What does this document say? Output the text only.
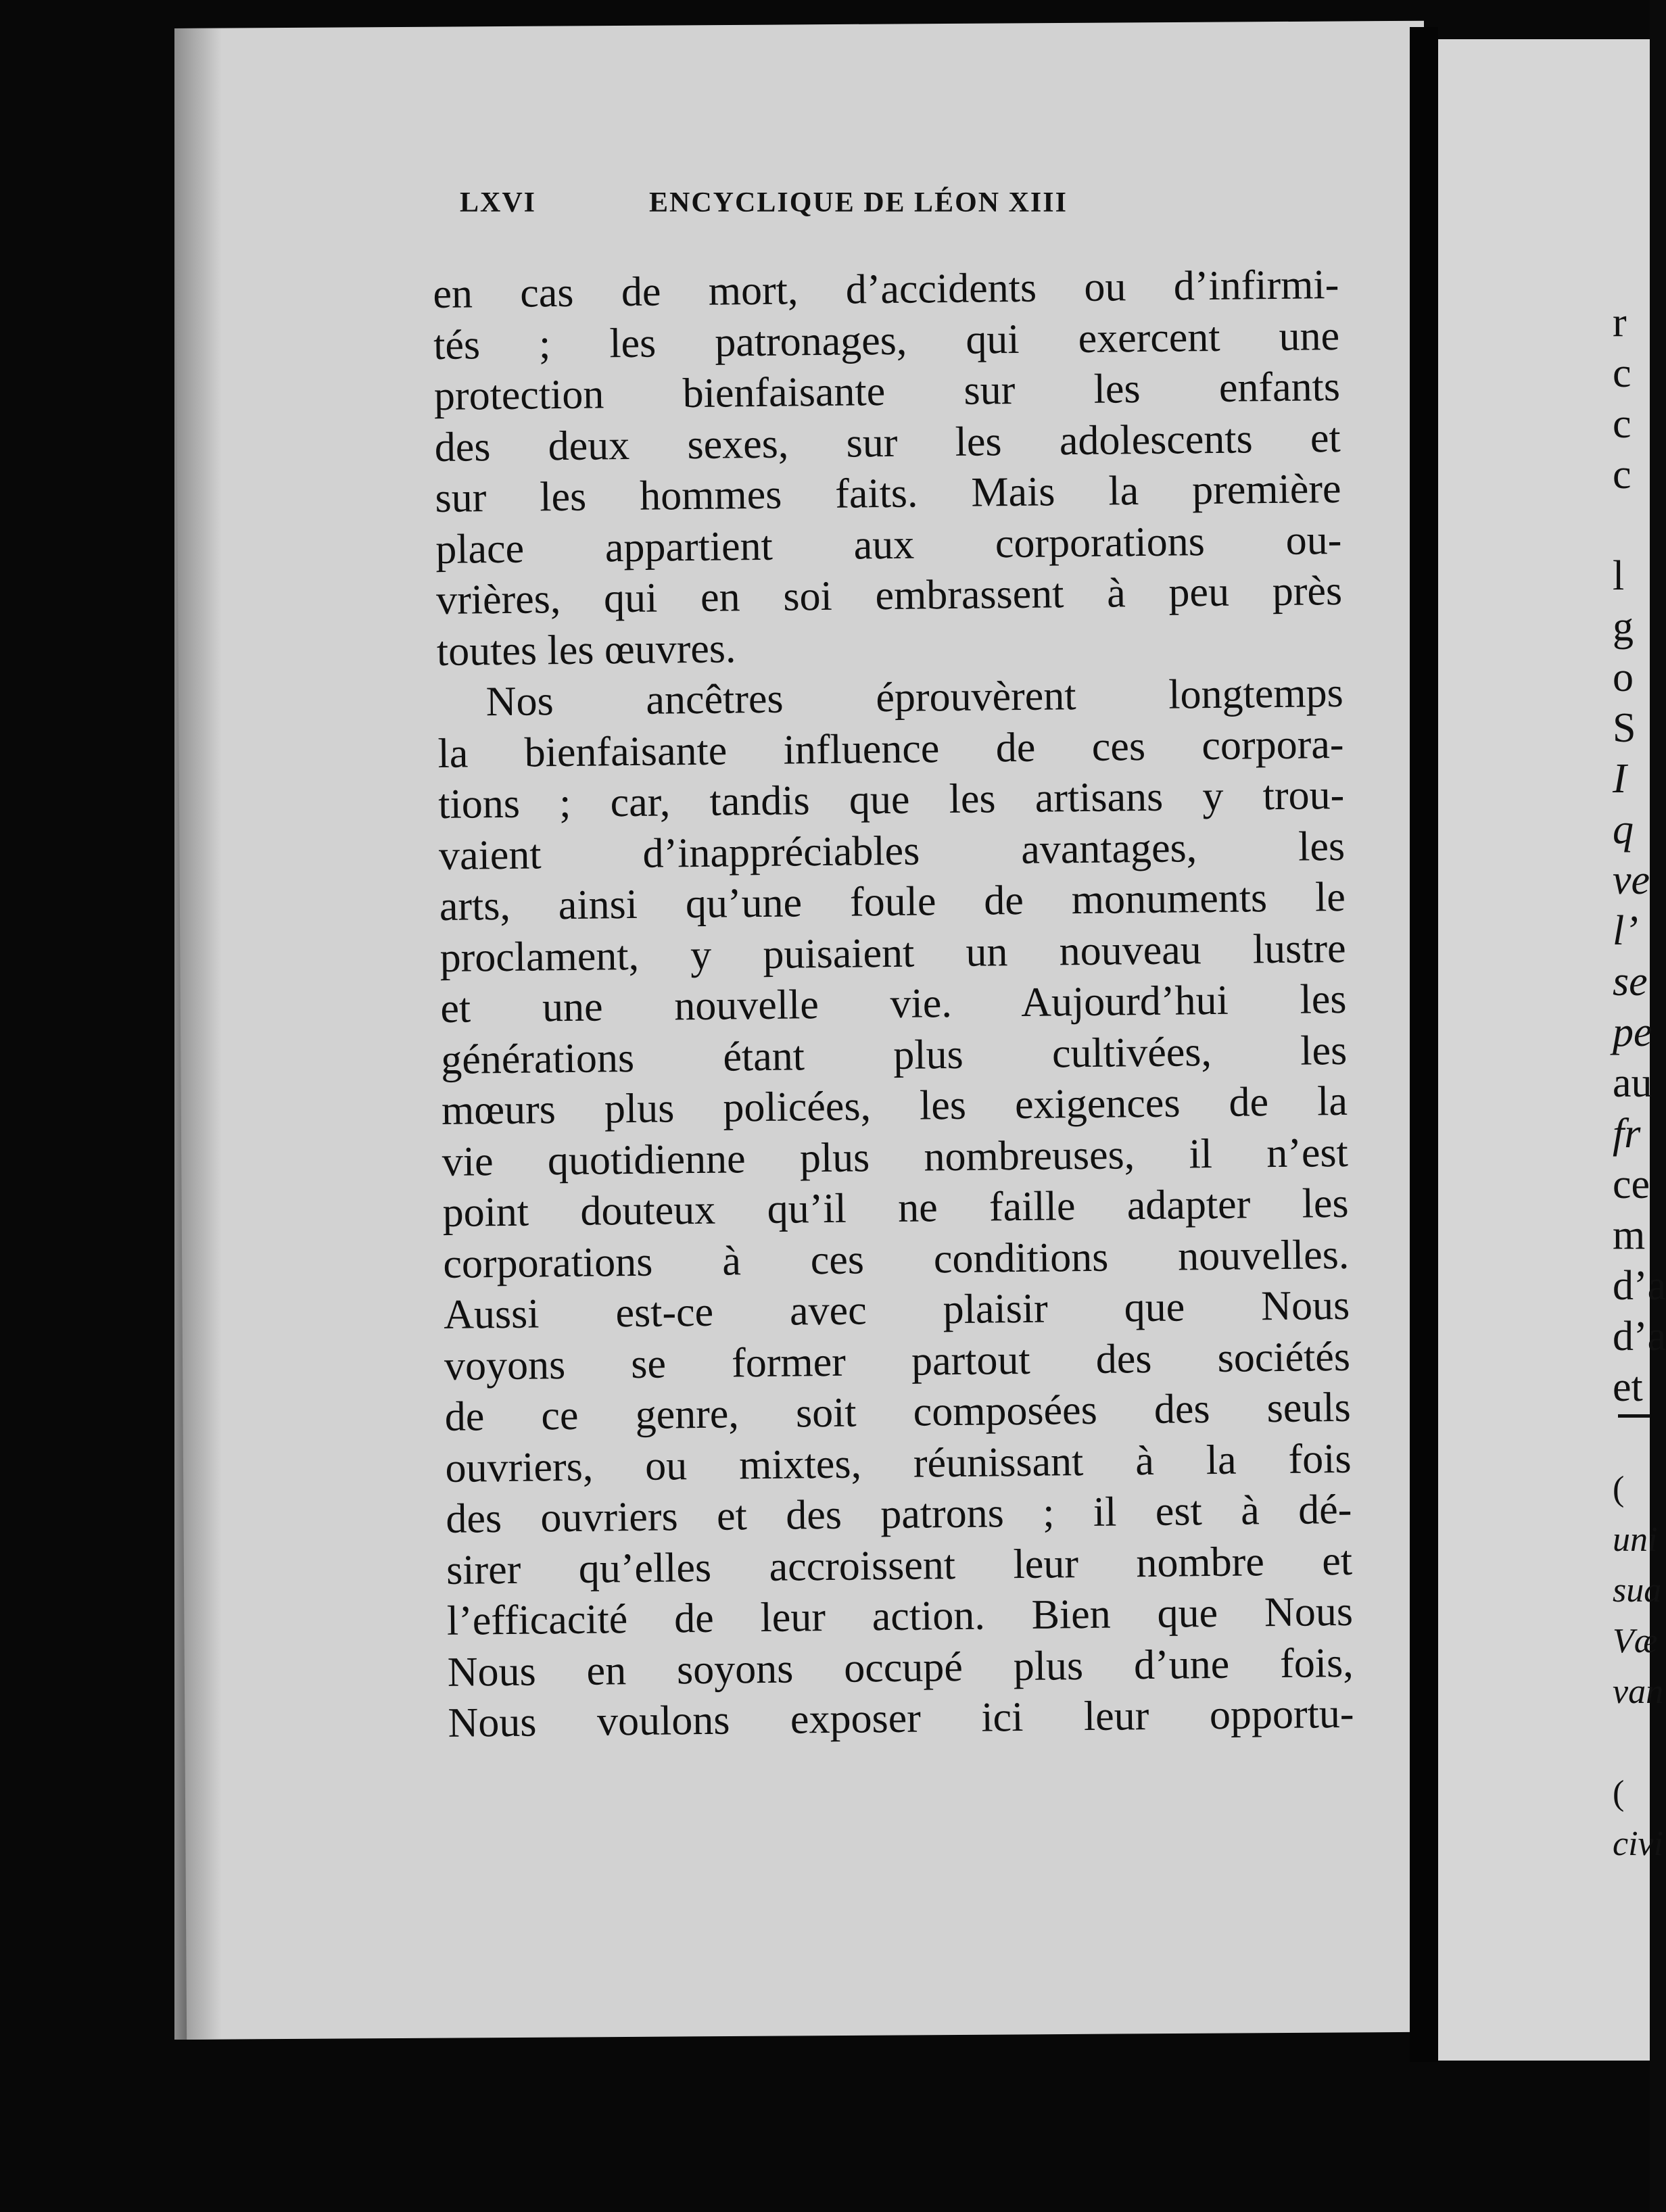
LXVI	ENCYCLIQUE DE LÉON XIII
en cas de mort, d’accidents ou d’infirmi-
tés ; les patronages, qui exercent une
protection bienfaisante sur les enfants
des deux sexes, sur les adolescents et
sur les hommes faits. Mais la première
place appartient aux corporations ou-
vrières, qui en soi embrassent à peu près
toutes les œuvres.
Nos ancêtres éprouvèrent longtemps
la bienfaisante influence de ces corpora-
tions ; car, tandis que les artisans y trou-
vaient d’inappréciables avantages, les
arts, ainsi qu’une foule de monuments le
proclament, y puisaient un nouveau lustre
et une nouvelle vie. Aujourd’hui les
générations étant plus cultivées, les
mœurs plus policées, les exigences de la
vie quotidienne plus nombreuses, il n’est
point douteux qu’il ne faille adapter les
corporations à ces conditions nouvelles.
Aussi est-ce avec plaisir que Nous
voyons se former partout des sociétés
de ce genre, soit composées des seuls
ouvriers, ou mixtes, réunissant à la fois
des ouvriers et des patrons ; il est à dé-
sirer qu’elles accroissent leur nombre et
l’efficacité de leur action. Bien que Nous
Nous en soyons occupé plus d’une fois,
Nous voulons exposer ici leur opportu-
r
c
c
c
l
g
o
S
I
q
ve
l’
se
pe
au
fr
ce
m
d’a
d’a
et
(
uni
sua
Væ
van
(
civi
